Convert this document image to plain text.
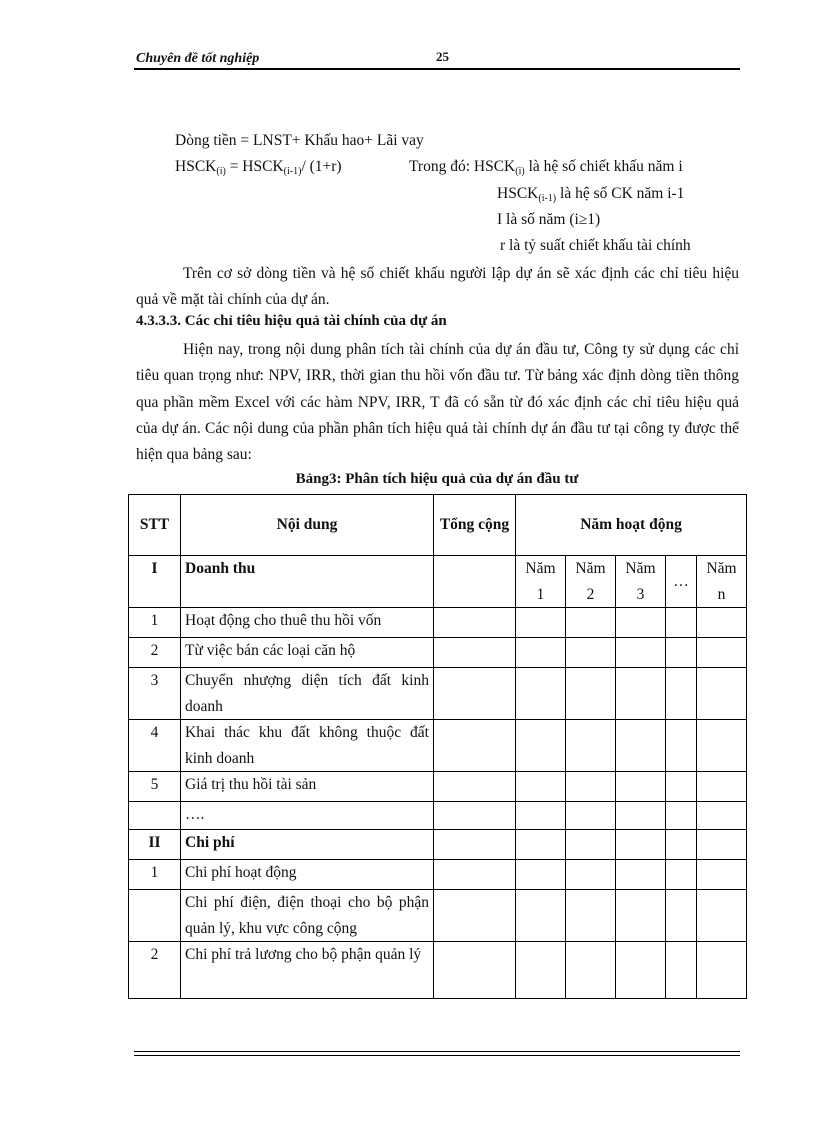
Chuyên đề tốt nghiệp	25
Dòng tiền = LNST+ Khấu hao+ Lãi vay
$HSCK_{(i)}$ = $HSCK_{(i-1)}/$ (1+r)	Trong đó: $HSCK_{(i)}$ là hệ số chiết khấu năm i
$HSCK_{(i-1)}$ là hệ số CK năm i-1
I là số năm (i≥1)
r là tỷ suất chiết khấu tài chính
Trên cơ sở dòng tiền và hệ số chiết khấu người lập dự án sẽ xác định các chỉ tiêu hiệu quả về mặt tài chính của dự án.
4.3.3.3. Các chỉ tiêu hiệu quả tài chính của dự án
Hiện nay, trong nội dung phân tích tài chính của dự án đầu tư, Công ty sử dụng các chỉ tiêu quan trọng như: NPV, IRR, thời gian thu hồi vốn đầu tư. Từ bảng xác định dòng tiền thông qua phần mềm Excel với các hàm NPV, IRR, T đã có sẵn từ đó xác định các chỉ tiêu hiệu quả của dự án. Các nội dung của phần phân tích hiệu quả tài chính dự án đầu tư tại công ty được thể hiện qua bảng sau:
Bảng3: Phân tích hiệu quả của dự án đầu tư
STT	Nội dung	Tổng cộng	Năm hoạt động				
I	Doanh thu		Năm 1	Năm 2	Năm 3	…	Năm n
1	Hoạt động cho thuê thu hồi vốn						
2	Từ việc bán các loại căn hộ						
3	Chuyển nhượng diện tích đất kinh doanh						
4	Khai thác khu đất không thuộc đất kinh doanh						
5	Giá trị thu hồi tài sản						
	….						
II	Chi phí						
1	Chi phí hoạt động						
	Chi phí điện, điện thoại cho bộ phận quản lý, khu vực công cộng						
2	Chi phí trả lương cho bộ phận quản lý						
